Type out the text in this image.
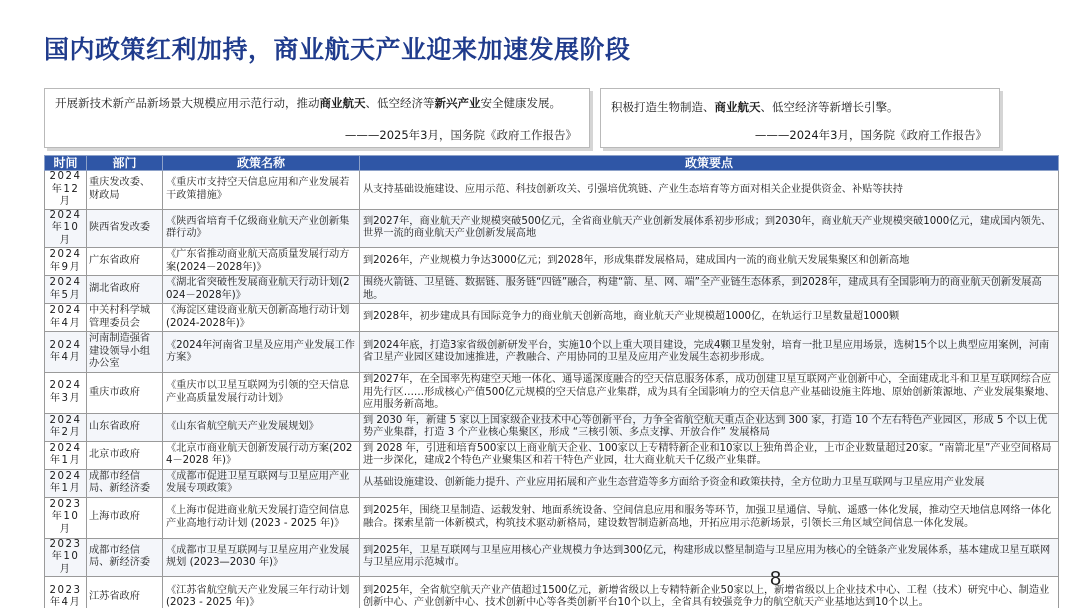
国内政策红利加持，商业航天产业迎来加速发展阶段
开展新技术新产品新场景大规模应用示范行动，推动商业航天、低空经济等新兴产业安全健康发展。
———2025年3月，国务院《政府工作报告》
积极打造生物制造、商业航天、低空经济等新增长引擎。
———2024年3月，国务院《政府工作报告》
时间	部门	政策名称	政策要点
2024年12月	重庆发改委、财政局	《重庆市支持空天信息应用和产业发展若干政策措施》	从支持基础设施建设、应用示范、科技创新攻关、引强培优筑链、产业生态培育等方面对相关企业提供资金、补贴等扶持
2024年10月	陕西省发改委	《陕西省培育千亿级商业航天产业创新集群行动》	到2027年，商业航天产业规模突破500亿元，全省商业航天产业创新发展体系初步形成；到2030年，商业航天产业规模突破1000亿元，建成国内领先、世界一流的商业航天产业创新发展高地
2024年9月	广东省政府	《广东省推动商业航天高质量发展行动方案(2024－2028年)》	到2026年，产业规模力争达3000亿元；到2028年，形成集群发展格局，建成国内一流的商业航天发展集聚区和创新高地
2024年5月	湖北省政府	《湖北省突破性发展商业航天行动计划(2024－2028年)》	围绕火箭链、卫星链、数据链、服务链“四链”融合，构建“箭、星、网、端”全产业链生态体系，到2028年，建成具有全国影响力的商业航天创新发展高地。
2024年4月	中关村科学城管理委员会	《海淀区建设商业航天创新高地行动计划(2024-2028年)》	到2028年，初步建成具有国际竞争力的商业航天创新高地，商业航天产业规模超1000亿，在轨运行卫星数量超1000颗
2024年4月	河南制造强省建设领导小组办公室	《2024年河南省卫星及应用产业发展工作方案》	到2024年底，打造3家省级创新研发平台，实施10个以上重大项目建设，完成4颗卫星发射，培育一批卫星应用场景，选树15个以上典型应用案例，河南省卫星产业园区建设加速推进，产教融合、产用协同的卫星及应用产业发展生态初步形成。
2024年3月	重庆市政府	《重庆市以卫星互联网为引领的空天信息产业高质量发展行动计划》	到2027年，在全国率先构建空天地一体化、通导遥深度融合的空天信息服务体系，成功创建卫星互联网产业创新中心，全面建成北斗和卫星互联网综合应用先行区……形成核心产值500亿元规模的空天信息产业集群，成为具有全国影响力的空天信息产业基础设施主阵地、原始创新策源地、产业发展集聚地、应用服务新高地。
2024年2月	山东省政府	《山东省航空航天产业发展规划》	到 2030 年，新建 5 家以上国家级企业技术中心等创新平台，力争全省航空航天重点企业达到 300 家，打造 10 个左右特色产业园区，形成 5 个以上优势产业集群，打造 3 个产业核心集聚区，形成 “三核引领、多点支撑、开放合作” 发展格局
2024年1月	北京市政府	《北京市商业航天创新发展行动方案(2024－2028 年)》	到 2028 年，引进和培育500家以上商业航天企业、100家以上专精特新企业和10家以上独角兽企业，上市企业数量超过20家。“南箭北星”产业空间格局进一步深化，建成2个特色产业聚集区和若干特色产业园，壮大商业航天千亿级产业集群。
2024年1月	成都市经信局、新经济委	《成都市促进卫星互联网与卫星应用产业发展专项政策》	从基础设施建设、创新能力提升、产业应用拓展和产业生态营造等多方面给予资金和政策扶持，全方位助力卫星互联网与卫星应用产业发展
2023年10月	上海市政府	《上海市促进商业航天发展打造空间信息产业高地行动计划 (2023 - 2025 年)》	到2025年，围绕卫星制造、运载发射、地面系统设备、空间信息应用和服务等环节，加强卫星通信、导航、遥感一体化发展，推动空天地信息网络一体化融合。探索星箭一体新模式，构筑技术驱动新格局，建设数智制造新高地，开拓应用示范新场景，引领长三角区域空间信息一体化发展。
2023年10月	成都市经信局、新经济委	《成都市卫星互联网与卫星应用产业发展规划 (2023—2030 年)》	到2025年，卫星互联网与卫星应用核心产业规模力争达到300亿元，构建形成以整星制造与卫星应用为核心的全链条产业发展体系，基本建成卫星互联网与卫星应用示范城市。
2023年4月	江苏省政府	《江苏省航空航天产业发展三年行动计划 (2023 - 2025 年)》	到2025年，全省航空航天产业产值超过1500亿元，新增省级以上专精特新企业50家以上，新增省级以上企业技术中心、工程（技术）研究中心、制造业创新中心、产业创新中心、技术创新中心等各类创新平台10个以上，全省具有较强竞争力的航空航天产业基地达到10个以上。
8
